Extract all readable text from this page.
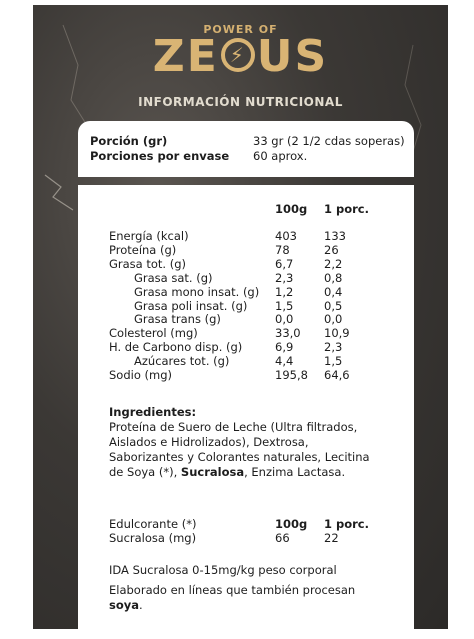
POWER OF
ZE ⚡ US
INFORMACIÓN NUTRICIONAL
Porción (gr)	33 gr (2 1/2 cdas soperas)
Porciones por envase 60 aprox.
100g 1 porc.
Energía (kcal)	403 133
Proteína (g)	78	26
Grasa tot. (g)	6,7	2,2
Grasa sat. (g)	2,3	0,8
Grasa mono insat. (g) 1,2	0,4
Grasa poli insat. (g) 1,5	0,5
Grasa trans (g)	0,0	0,0
Colesterol (mg)	33,0 10,9
H. de Carbono disp. (g)	6,9	2,3
Azúcares tot. (g)	4,4	1,5
Sodio (mg)	195,8 64,6
Ingredientes:
Proteína de Suero de Leche (Ultra filtrados,
Aislados e Hidrolizados), Dextrosa,
Saborizantes y Colorantes naturales, Lecitina
de Soya (*), Sucralosa, Enzima Lactasa.
Edulcorante (*)	100g 1 porc.
Sucralosa (mg)	66	22
IDA Sucralosa 0-15mg/kg peso corporal
Elaborado en líneas que también procesan
soya.
